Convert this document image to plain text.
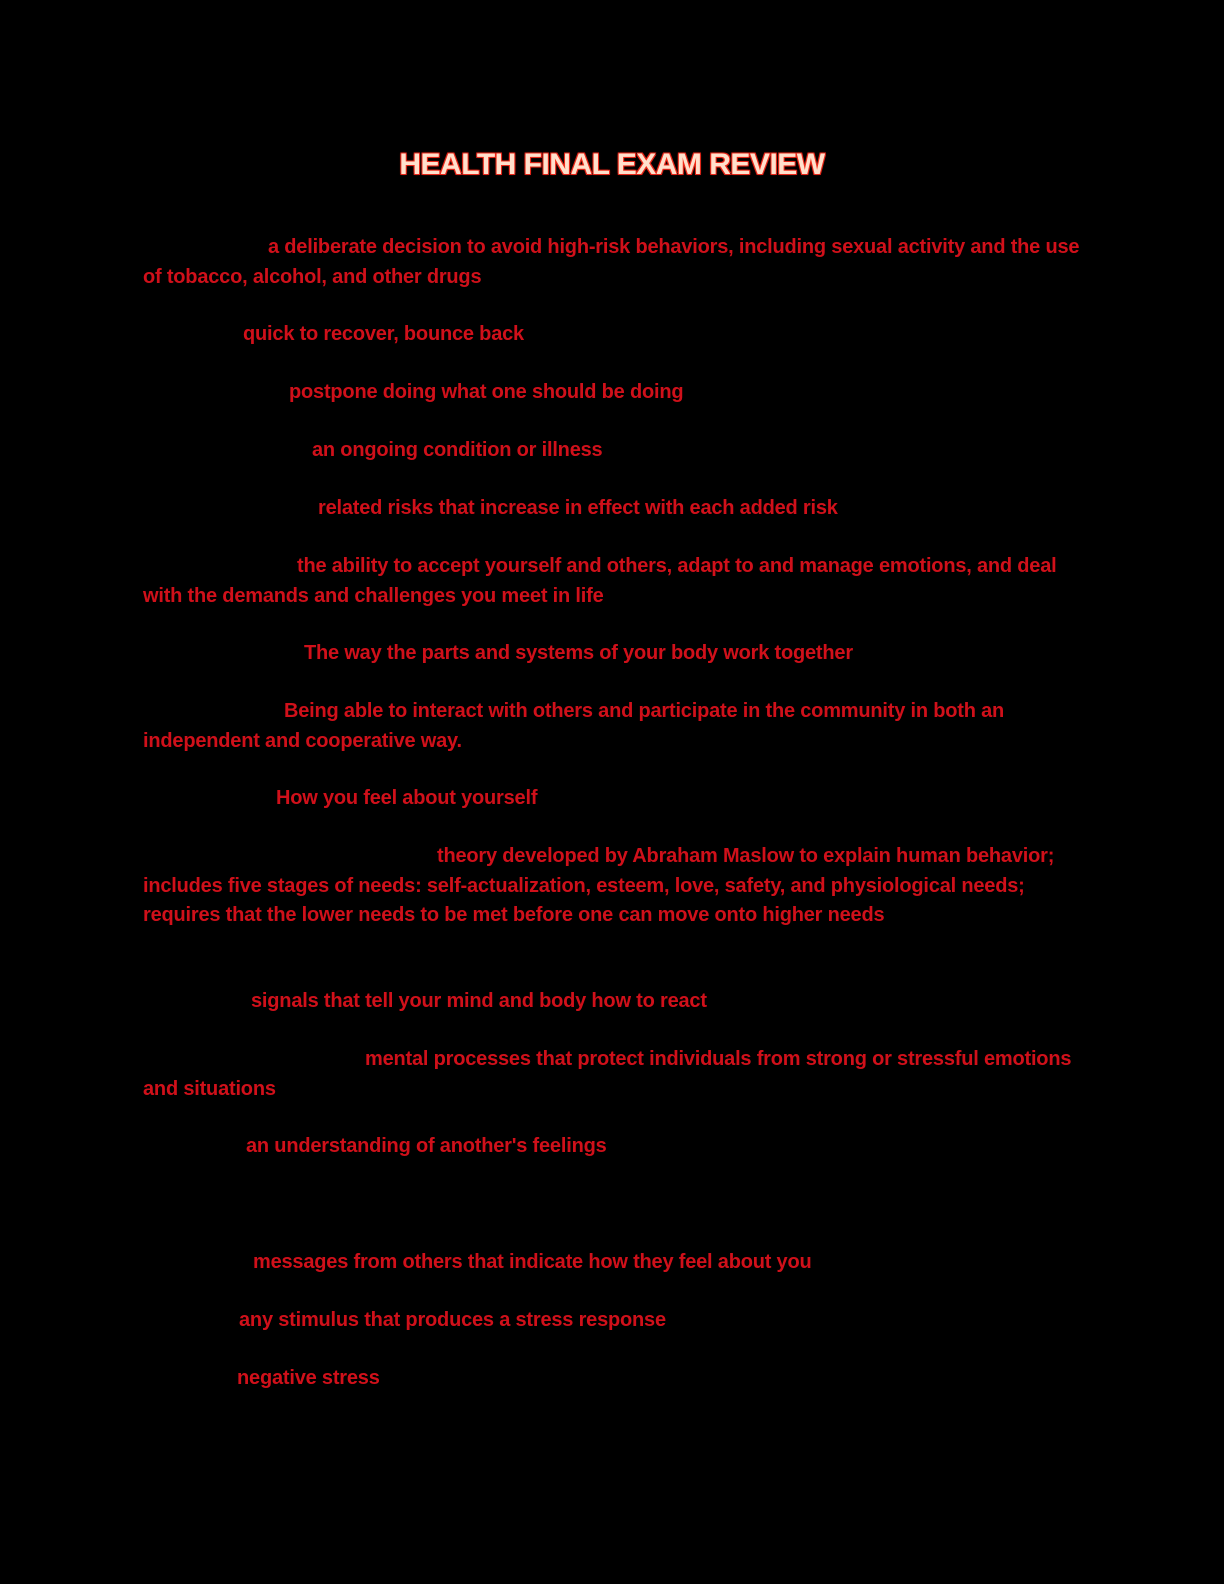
HEALTH FINAL EXAM REVIEW
a deliberate decision to avoid high-risk behaviors, including sexual activity and the use of tobacco, alcohol, and other drugs
quick to recover, bounce back
postpone doing what one should be doing
an ongoing condition or illness
related risks that increase in effect with each added risk
the ability to accept yourself and others, adapt to and manage emotions, and deal with the demands and challenges you meet in life
The way the parts and systems of your body work together
Being able to interact with others and participate in the community in both an independent and cooperative way.
How you feel about yourself
theory developed by Abraham Maslow to explain human behavior; includes five stages of needs: self-actualization, esteem, love, safety, and physiological needs; requires that the lower needs to be met before one can move onto higher needs
signals that tell your mind and body how to react
mental processes that protect individuals from strong or stressful emotions and situations
an understanding of another's feelings
messages from others that indicate how they feel about you
any stimulus that produces a stress response
negative stress
